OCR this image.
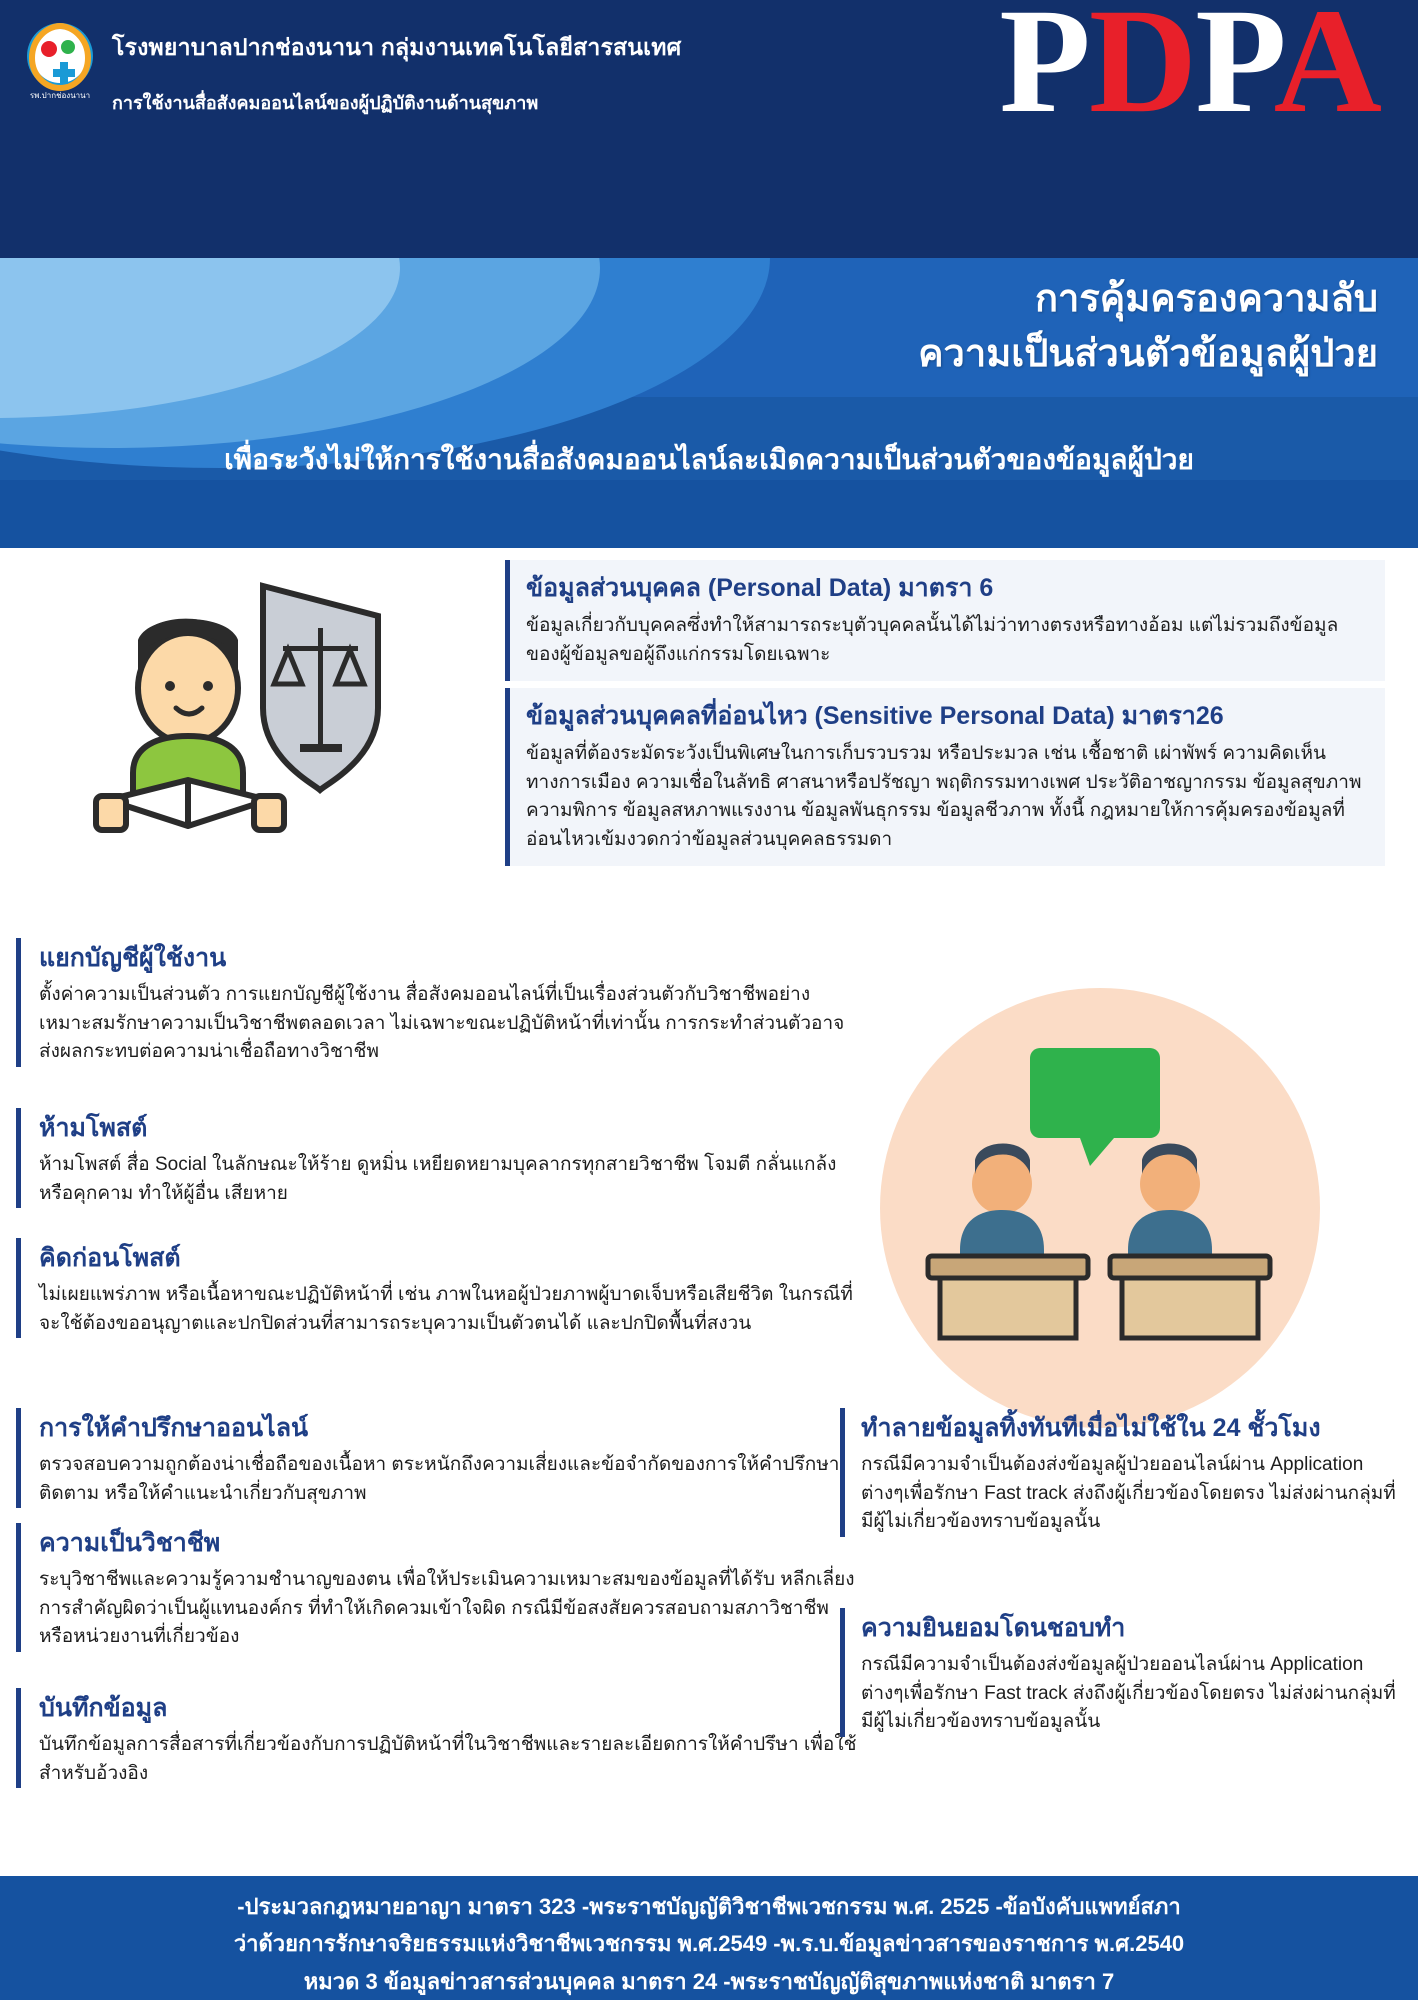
รพ.ปากช่องนานา
โรงพยาบาลปากช่องนานา กลุ่มงานเทคโนโลยีสารสนเทศ
การใช้งานสื่อสังคมออนไลน์ของผู้ปฏิบัติงานด้านสุขภาพ	PDPA
การคุ้มครองความลับ
ความเป็นส่วนตัวข้อมูลผู้ป่วย
เพื่อระวังไม่ให้การใช้งานสื่อสังคมออนไลน์ละเมิดความเป็นส่วนตัวของข้อมูลผู้ป่วย
ข้อมูลส่วนบุคคล (Personal Data) มาตรา 6
ข้อมูลเกี่ยวกับบุคคลซึ่งทำให้สามารถระบุตัวบุคคลนั้นได้ไม่ว่าทางตรงหรือทางอ้อม แต่ไม่รวมถึงข้อมูลของผู้ข้อมูลขอผู้ถึงแก่กรรมโดยเฉพาะ
ข้อมูลส่วนบุคคลที่อ่อนไหว (Sensitive Personal Data) มาตรา26
ข้อมูลที่ต้องระมัดระวังเป็นพิเศษในการเก็บรวบรวม หรือประมวล เช่น เชื้อชาติ เผ่าพัพร์ ความคิดเห็นทางการเมือง ความเชื่อในลัทธิ ศาสนาหรือปรัชญา พฤติกรรมทางเพศ ประวัติอาชญากรรม ข้อมูลสุขภาพความพิการ ข้อมูลสหภาพแรงงาน ข้อมูลพันธุกรรม ข้อมูลชีวภาพ ทั้งนี้ กฎหมายให้การคุ้มครองข้อมูลที่อ่อนไหวเข้มงวดกว่าข้อมูลส่วนบุคคลธรรมดา
แยกบัญชีผู้ใช้งาน
ตั้งค่าความเป็นส่วนตัว การแยกบัญชีผู้ใช้งาน สื่อสังคมออนไลน์ที่เป็นเรื่องส่วนตัวกับวิชาชีพอย่างเหมาะสมรักษาความเป็นวิชาชีพตลอดเวลา ไม่เฉพาะขณะปฏิบัติหน้าที่เท่านั้น การกระทำส่วนตัวอาจส่งผลกระทบต่อความน่าเชื่อถือทางวิชาชีพ
ห้ามโพสต์
ห้ามโพสต์ สื่อ Social ในลักษณะให้ร้าย ดูหมิ่น เหยียดหยามบุคลากรทุกสายวิชาชีพ โจมตี กลั่นแกล้ง หรือคุกคาม ทำให้ผู้อื่น เสียหาย
คิดก่อนโพสต์
ไม่เผยแพร่ภาพ หรือเนื้อหาขณะปฏิบัติหน้าที่ เช่น ภาพในหอผู้ป่วยภาพผู้บาดเจ็บหรือเสียชีวิต ในกรณีที่จะใช้ต้องขออนุญาตและปกปิดส่วนที่สามารถระบุความเป็นตัวตนได้ และปกปิดพื้นที่สงวน
การให้คำปรึกษาออนไลน์
ตรวจสอบความถูกต้องน่าเชื่อถือของเนื้อหา ตระหนักถึงความเสี่ยงและข้อจำกัดของการให้คำปรึกษา ติดตาม หรือให้คำแนะนำเกี่ยวกับสุขภาพ
ความเป็นวิชาชีพ
ระบุวิชาชีพและความรู้ความชำนาญของตน เพื่อให้ประเมินความเหมาะสมของข้อมูลที่ได้รับ หลีกเลี่ยงการสำคัญผิดว่าเป็นผู้แทนองค์กร ที่ทำให้เกิดควมเข้าใจผิด กรณีมีข้อสงสัยควรสอบถามสภาวิชาชีพหรือหน่วยงานที่เกี่ยวข้อง
บันทึกข้อมูล
บันทึกข้อมูลการสื่อสารที่เกี่ยวข้องกับการปฏิบัติหน้าที่ในวิชาชีพและรายละเอียดการให้คำปรึษา เพื่อใช้สำหรับอ้วงอิง
ทำลายข้อมูลทิ้งทันทีเมื่อไม่ใช้ใน 24 ชั้วโมง
กรณีมีความจำเป็นต้องส่งข้อมูลผู้ป่วยออนไลน์ผ่าน Application ต่างๆเพื่อรักษา Fast track ส่งถึงผู้เกี่ยวข้องโดยตรง ไม่ส่งผ่านกลุ่มที่มีผู้ไม่เกี่ยวข้องทราบข้อมูลนั้น
ความยินยอมโดนชอบทำ
กรณีมีความจำเป็นต้องส่งข้อมูลผู้ป่วยออนไลน์ผ่าน Application ต่างๆเพื่อรักษา Fast track ส่งถึงผู้เกี่ยวข้องโดยตรง ไม่ส่งผ่านกลุ่มที่มีผู้ไม่เกี่ยวข้องทราบข้อมูลนั้น
-ประมวลกฎหมายอาญา มาตรา 323 -พระราชบัญญัติวิชาชีพเวชกรรม พ.ศ. 2525 -ข้อบังคับแพทย์สภา
ว่าด้วยการรักษาจริยธรรมแห่งวิชาชีพเวชกรรม พ.ศ.2549 -พ.ร.บ.ข้อมูลข่าวสารของราชการ พ.ศ.2540
หมวด 3 ข้อมูลข่าวสารส่วนบุคคล มาตรา 24 -พระราชบัญญัติสุขภาพแห่งชาติ มาตรา 7
